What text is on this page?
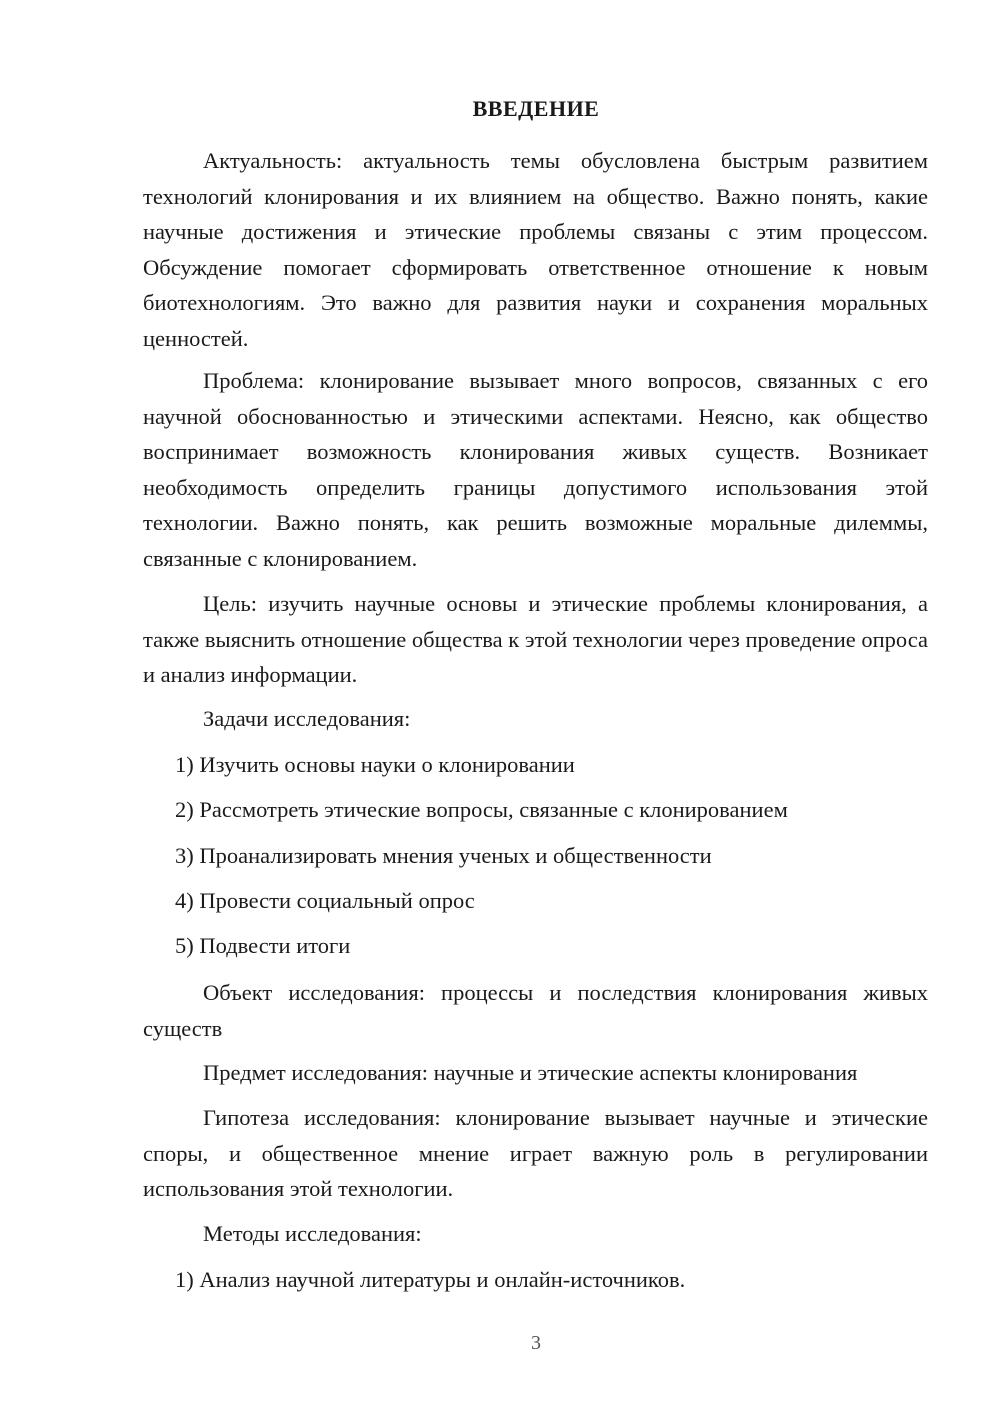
ВВЕДЕНИЕ
Актуальность: актуальность темы обусловлена быстрым развитием технологий клонирования и их влиянием на общество. Важно понять, какие научные достижения и этические проблемы связаны с этим процессом. Обсуждение помогает сформировать ответственное отношение к новым биотехнологиям. Это важно для развития науки и сохранения моральных ценностей.
Проблема: клонирование вызывает много вопросов, связанных с его научной обоснованностью и этическими аспектами. Неясно, как общество воспринимает возможность клонирования живых существ. Возникает необходимость определить границы допустимого использования этой технологии. Важно понять, как решить возможные моральные дилеммы, связанные с клонированием.
Цель: изучить научные основы и этические проблемы клонирования, а также выяснить отношение общества к этой технологии через проведение опроса и анализ информации.
Задачи исследования:
1) Изучить основы науки о клонировании
2) Рассмотреть этические вопросы, связанные с клонированием
3) Проанализировать мнения ученых и общественности
4) Провести социальный опрос
5) Подвести итоги
Объект исследования: процессы и последствия клонирования живых существ
Предмет исследования: научные и этические аспекты клонирования
Гипотеза исследования: клонирование вызывает научные и этические споры, и общественное мнение играет важную роль в регулировании использования этой технологии.
Методы исследования:
1) Анализ научной литературы и онлайн-источников.
3
